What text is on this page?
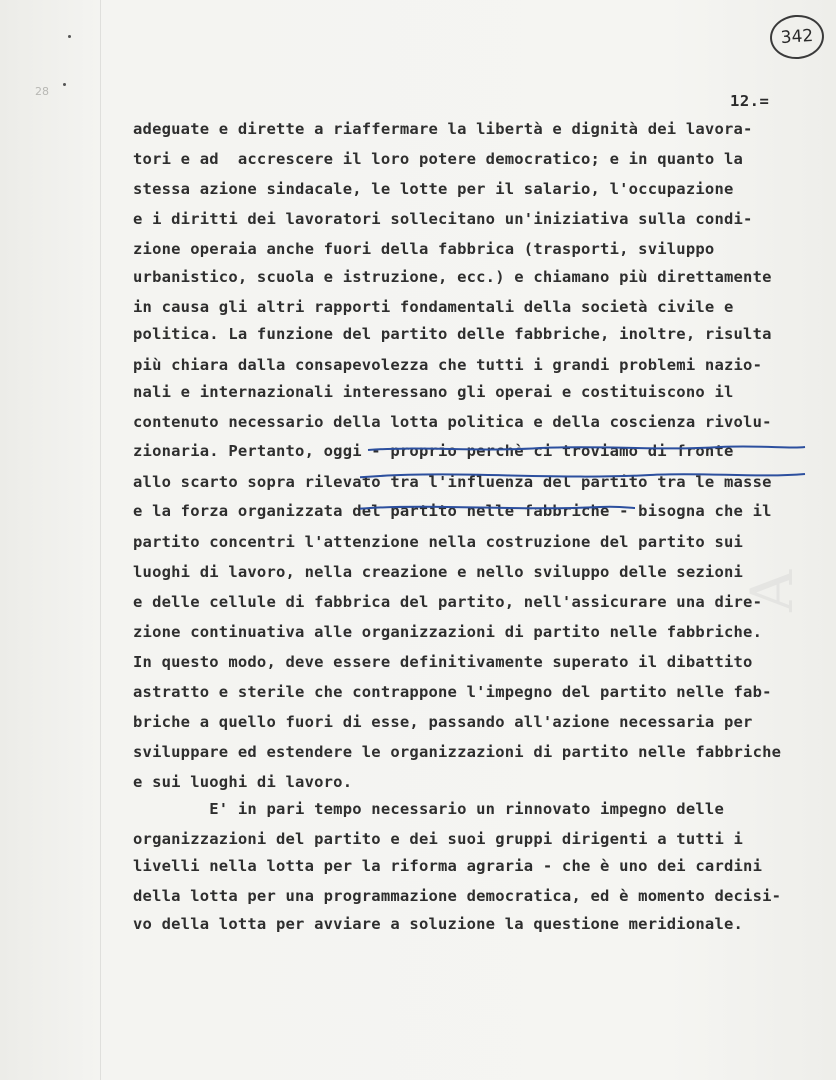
A
28
342
12.=
adeguate e dirette a riaffermare la libertà e dignità dei lavora-
tori e ad  accrescere il loro potere democratico; e in quanto la
stessa azione sindacale, le lotte per il salario, l'occupazione
e i diritti dei lavoratori sollecitano un'iniziativa sulla condi-
zione operaia anche fuori della fabbrica (trasporti, sviluppo
urbanistico, scuola e istruzione, ecc.) e chiamano più direttamente
in causa gli altri rapporti fondamentali della società civile e
politica. La funzione del partito delle fabbriche, inoltre, risulta
più chiara dalla consapevolezza che tutti i grandi problemi nazio-
nali e internazionali interessano gli operai e costituiscono il
contenuto necessario della lotta politica e della coscienza rivolu-
zionaria. Pertanto, oggi - proprio perchè ci troviamo di fronte
allo scarto sopra rilevato tra l'influenza del partito tra le masse
e la forza organizzata del partito nelle fabbriche - bisogna che il
partito concentri l'attenzione nella costruzione del partito sui
luoghi di lavoro, nella creazione e nello sviluppo delle sezioni
e delle cellule di fabbrica del partito, nell'assicurare una dire-
zione continuativa alle organizzazioni di partito nelle fabbriche.
In questo modo, deve essere definitivamente superato il dibattito
astratto e sterile che contrappone l'impegno del partito nelle fab-
briche a quello fuori di esse, passando all'azione necessaria per
sviluppare ed estendere le organizzazioni di partito nelle fabbriche
e sui luoghi di lavoro.
E' in pari tempo necessario un rinnovato impegno delle
organizzazioni del partito e dei suoi gruppi dirigenti a tutti i
livelli nella lotta per la riforma agraria - che è uno dei cardini
della lotta per una programmazione democratica, ed è momento decisi-
vo della lotta per avviare a soluzione la questione meridionale.
